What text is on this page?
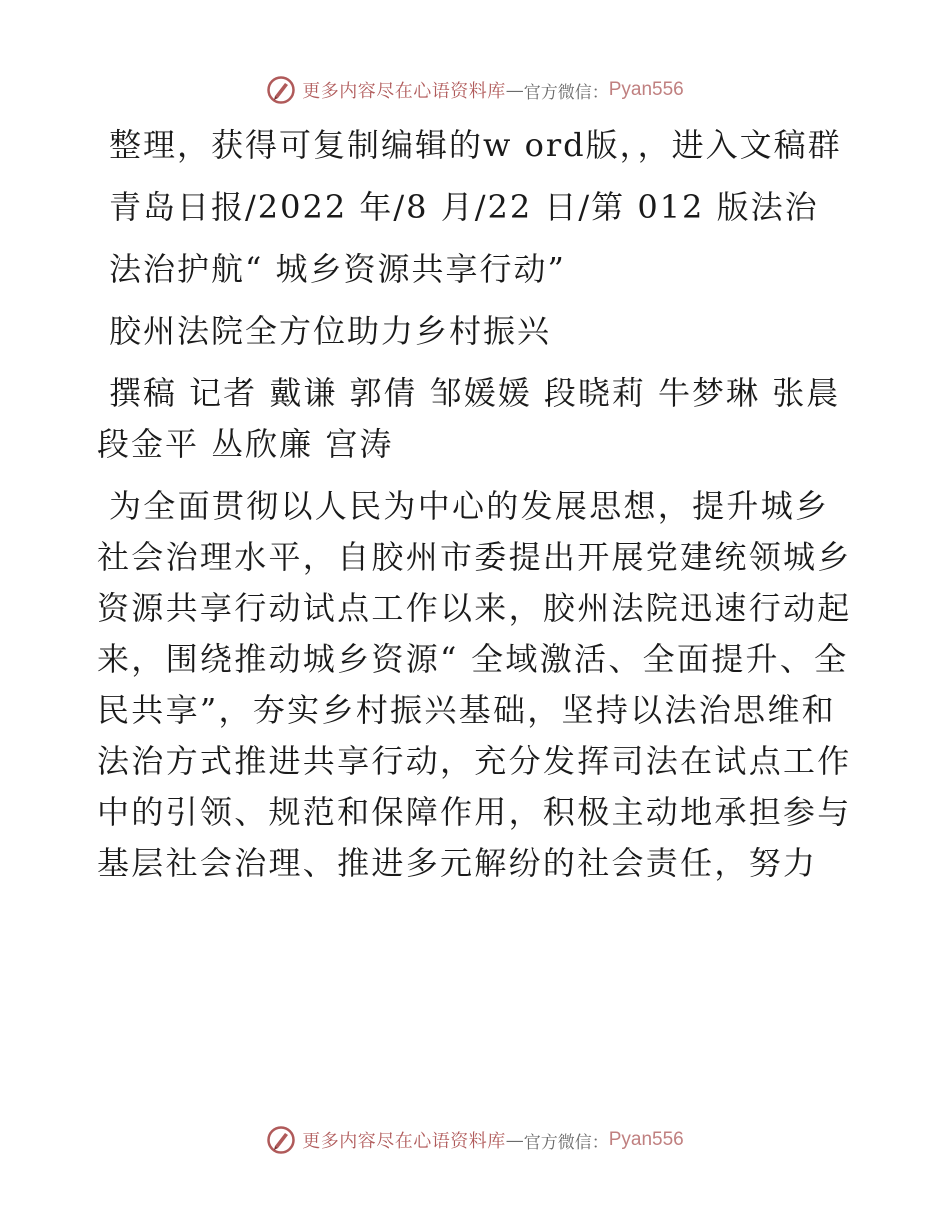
更多内容尽在心语资料库 — 官方微信： Pyan556

整理，获得可复制编辑的w ord版，，进入文稿群

青岛日报/2022 年/8 月/22 日/第 012 版法治

法治护航“ 城乡资源共享行动”

胶州法院全方位助力乡村振兴

撰稿 记者 戴谦 郭倩 邹媛媛 段晓莉 牛梦琳 张晨 段金平 丛欣廉 宫涛

为全面贯彻以人民为中心的发展思想，提升城乡社会治理水平，自胶州市委提出开展党建统领城乡资源共享行动试点工作以来，胶州法院迅速行动起来，围绕推动城乡资源“ 全域激活、全面提升、全民共享”，夯实乡村振兴基础，坚持以法治思维和法治方式推进共享行动，充分发挥司法在试点工作中的引领、规范和保障作用，积极主动地承担参与基层社会治理、推进多元解纷的社会责任，努力

更多内容尽在心语资料库 — 官方微信： Pyan556
